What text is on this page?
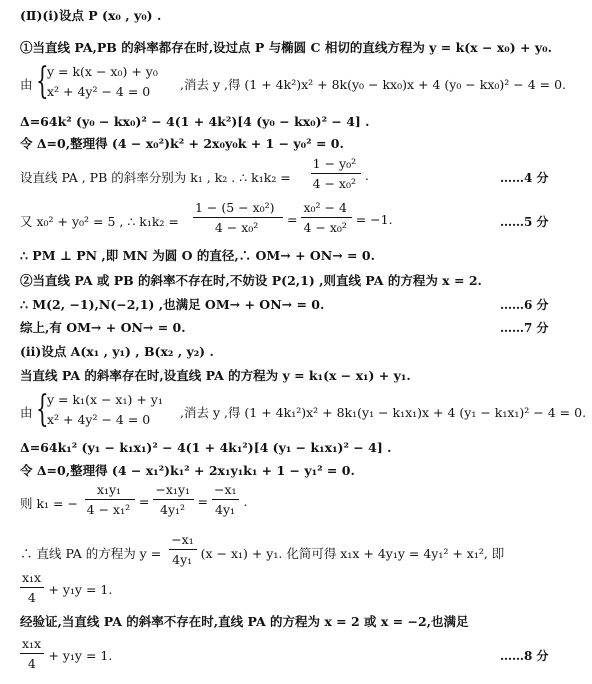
(Ⅱ)(i)设点 P (x₀ , y₀) .
①当直线 PA,PB 的斜率都存在时,设过点 P 与椭圆 C 相切的直线方程为 y = k(x − x₀) + y₀.
由 {
y = k(x − x₀) + y₀
x² + 4y² − 4 = 0 ,消去 y ,得 (1 + 4k²)x² + 8k(y₀ − kx₀)x + 4 (y₀ − kx₀)² − 4 = 0.
Δ=64k² (y₀ − kx₀)² − 4(1 + 4k²)[4 (y₀ − kx₀)² − 4] .
令 Δ=0,整理得 (4 − x₀²)k² + 2x₀y₀k + 1 − y₀² = 0.
设直线 PA , PB 的斜率分别为 k₁ , k₂ . ∴ k₁k₂ =
1 − y₀²
4 − x₀²
.	……4 分
又 x₀² + y₀² = 5 , ∴ k₁k₂ =
1 − (5 − x₀²)
4 − x₀²
=
x₀² − 4
4 − x₀²
= −1.	……5 分
∴ PM ⊥ PN ,即 MN 为圆 O 的直径,∴ OM→ + ON→ = 0.
②当直线 PA 或 PB 的斜率不存在时,不妨设 P(2,1) ,则直线 PA 的方程为 x = 2.
∴ M(2, −1),N(−2,1) ,也满足 OM→ + ON→ = 0.	……6 分
综上,有 OM→ + ON→ = 0.	……7 分
(ii)设点 A(x₁ , y₁) , B(x₂ , y₂) .
当直线 PA 的斜率存在时,设直线 PA 的方程为 y = k₁(x − x₁) + y₁.
由 {
y = k₁(x − x₁) + y₁
x² + 4y² − 4 = 0 ,消去 y ,得 (1 + 4k₁²)x² + 8k₁(y₁ − k₁x₁)x + 4 (y₁ − k₁x₁)² − 4 = 0.
Δ=64k₁² (y₁ − k₁x₁)² − 4(1 + 4k₁²)[4 (y₁ − k₁x₁)² − 4] .
令 Δ=0,整理得 (4 − x₁²)k₁² + 2x₁y₁k₁ + 1 − y₁² = 0.
则 k₁ = −
x₁y₁
4 − x₁²
=
−x₁y₁
4y₁²
=
−x₁
4y₁
.
∴ 直线 PA 的方程为 y =
−x₁
4y₁ (x − x₁) + y₁. 化简可得 x₁x + 4y₁y = 4y₁² + x₁², 即
x₁x
4
+ y₁y = 1.
经验证,当直线 PA 的斜率不存在时,直线 PA 的方程为 x = 2 或 x = −2,也满足
x₁x
4
+ y₁y = 1.	……8 分
